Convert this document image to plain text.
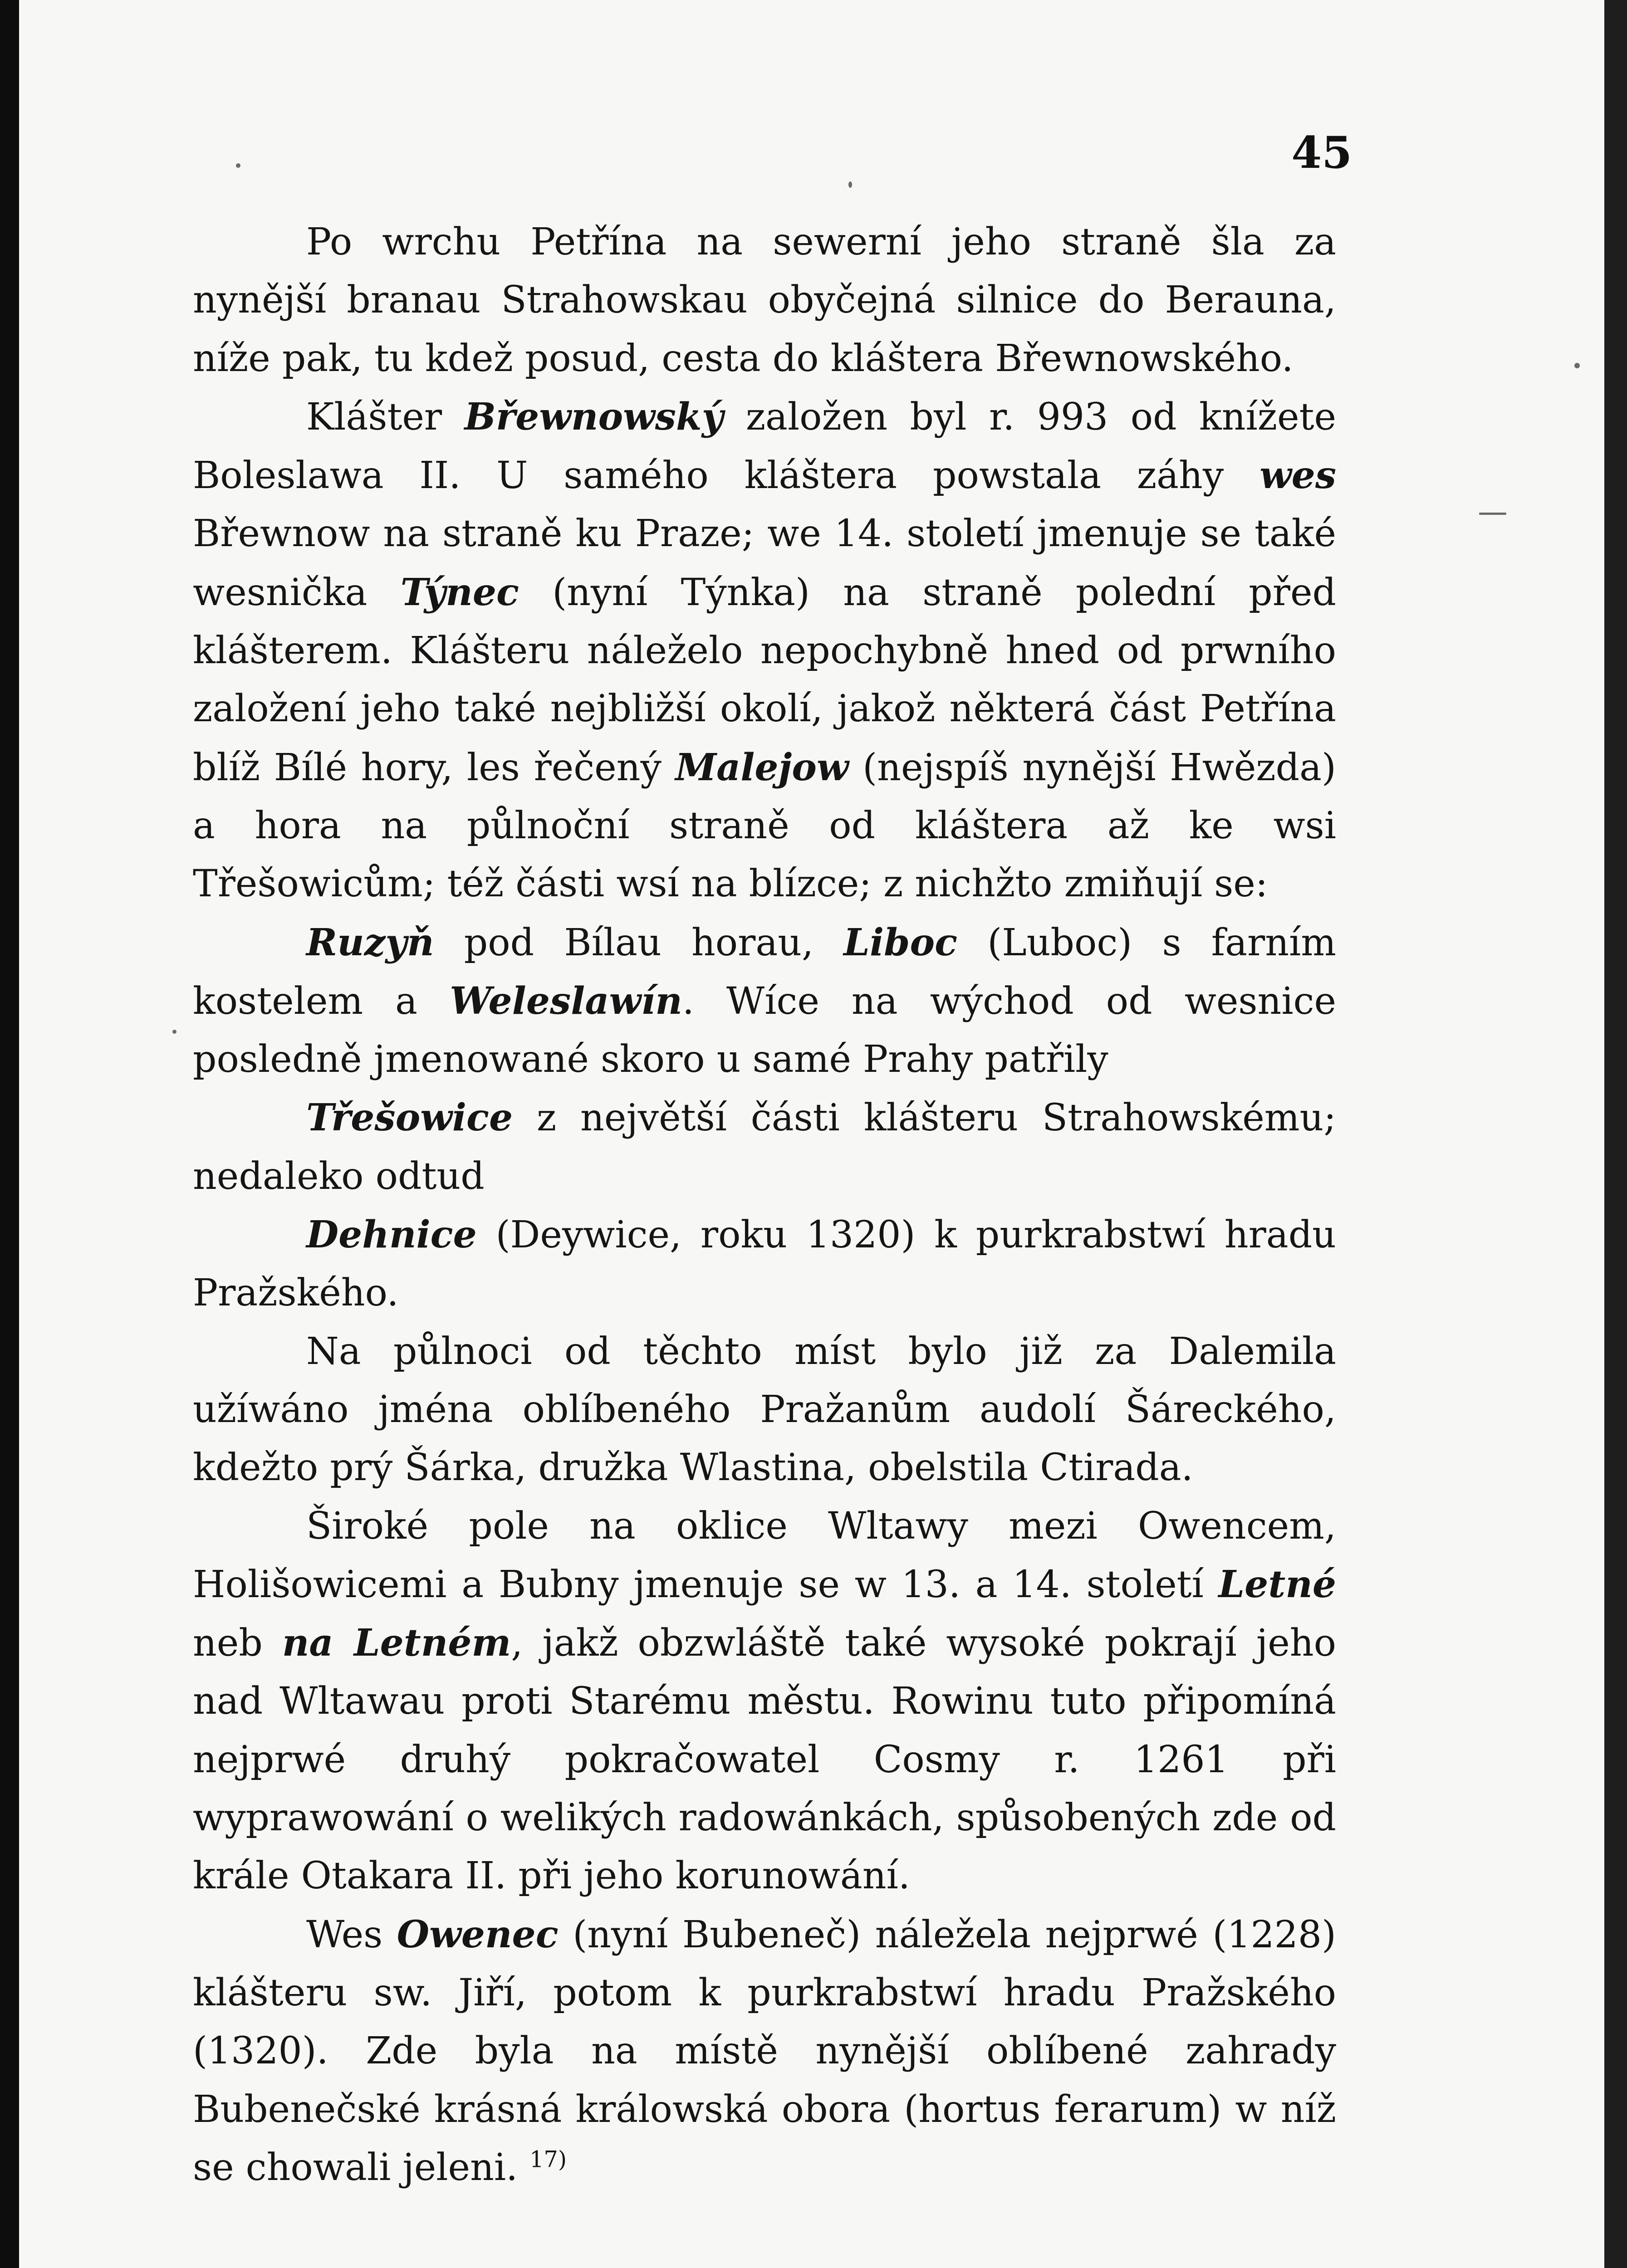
45

Po wrchu Petřína na sewerní jeho straně šla za nynější branau Strahowskau obyčejná silnice do Berauna, níže pak, tu kdež posud, cesta do kláštera Břewnowského.

Klášter Břewnowský založen byl r. 993 od knížete Boleslawa II. U samého kláštera powstala záhy wes Břewnow na straně ku Praze; we 14. století jmenuje se také wesnička Týnec (nyní Týnka) na straně polední před klášterem. Klášteru náleželo nepochybně hned od prwního založení jeho také nejbližší okolí, jakož některá část Petřína blíž Bílé hory, les řečený Malejow (nejspíš nynější Hwězda) a hora na půlnoční straně od kláštera až ke wsi Třešowicům; též části wsí na blízce; z nichžto zmiňují se:

Ruzyň pod Bílau horau, Liboc (Luboc) s farním kostelem a Weleslawín. Wíce na wýchod od wesnice posledně jmenowané skoro u samé Prahy patřily

Třešowice z největší části klášteru Strahowskému; nedaleko odtud

Dehnice (Deywice, roku 1320) k purkrabstwí hradu Pražského.

Na půlnoci od těchto míst bylo již za Dalemila užíwáno jména oblíbeného Pražanům audolí Šáreckého, kdežto prý Šárka, družka Wlastina, obelstila Ctirada.

Široké pole na oklice Wltawy mezi Owencem, Holišowicemi a Bubny jmenuje se w 13. a 14. století Letné neb na Letném, jakž obzwláště také wysoké pokrají jeho nad Wltawau proti Starému městu. Rowinu tuto připomíná nejprwé druhý pokračowatel Cosmy r. 1261 při wyprawowání o welikých radowánkách, spůsobených zde od krále Otakara II. při jeho korunowání.

Wes Owenec (nyní Bubeneč) náležela nejprwé (1228) klášteru sw. Jiří, potom k purkrabstwí hradu Pražského (1320). Zde byla na místě nynější oblíbené zahrady Bubenečské krásná králowská obora (hortus ferarum) w níž se chowali jeleni. $^{17)}$
